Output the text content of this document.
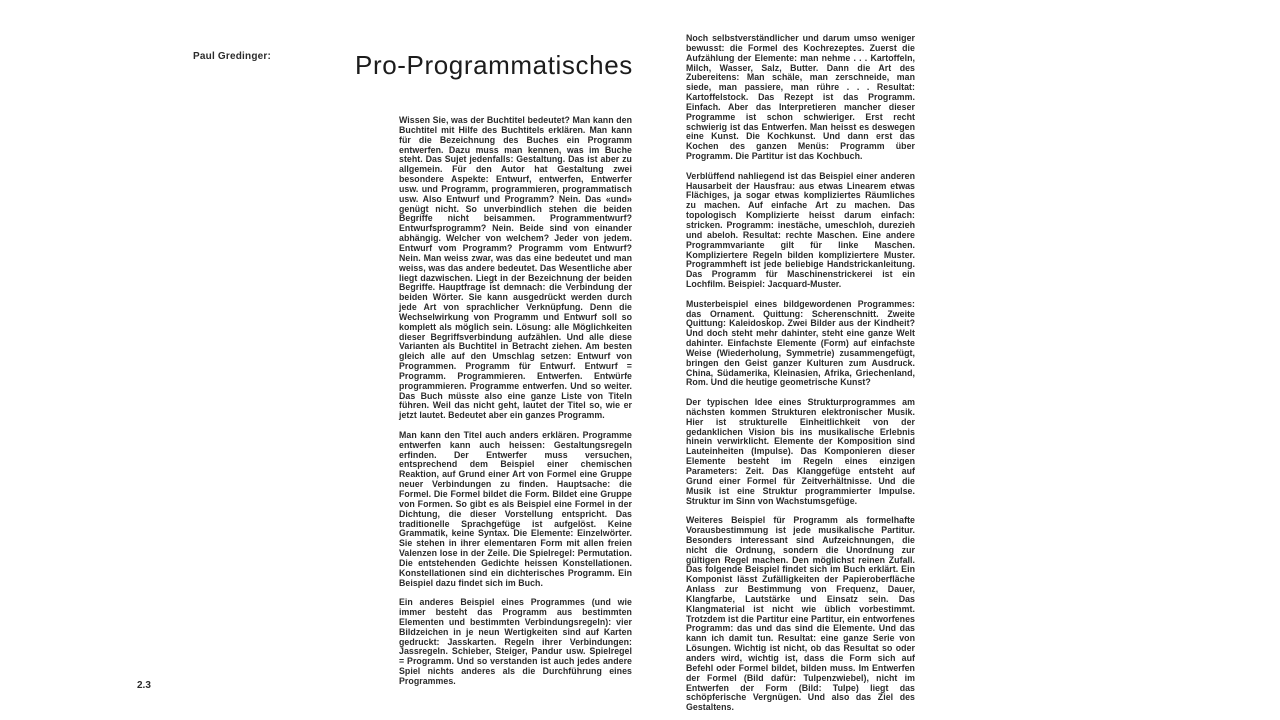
Paul Gredinger:	Pro-Programmatisches

Wissen Sie, was der Buchtitel bedeutet? Man kann den Buchtitel mit Hilfe des Buchtitels erklären. Man kann für die Bezeichnung des Buches ein Programm entwerfen. Dazu muss man kennen, was im Buche steht. Das Sujet jedenfalls: Gestaltung. Das ist aber zu allgemein. Für den Autor hat Gestaltung zwei besondere Aspekte: Entwurf, entwerfen, Entwerfer usw. und Programm, programmieren, programmatisch usw. Also Entwurf und Programm? Nein. Das «und» genügt nicht. So unverbindlich stehen die beiden Begriffe nicht beisammen. Programmentwurf? Entwurfsprogramm? Nein. Beide sind von einander abhängig. Welcher von welchem? Jeder von jedem. Entwurf vom Programm? Programm vom Entwurf? Nein. Man weiss zwar, was das eine bedeutet und man weiss, was das andere bedeutet. Das Wesentliche aber liegt dazwischen. Liegt in der Bezeichnung der beiden Begriffe. Hauptfrage ist demnach: die Verbindung der beiden Wörter. Sie kann ausgedrückt werden durch jede Art von sprachlicher Verknüpfung. Denn die Wechselwirkung von Programm und Entwurf soll so komplett als möglich sein. Lösung: alle Möglichkeiten dieser Begriffsverbindung aufzählen. Und alle diese Varianten als Buchtitel in Betracht ziehen. Am besten gleich alle auf den Umschlag setzen: Entwurf von Programmen. Programm für Entwurf. Entwurf = Programm. Programmieren. Entwerfen. Entwürfe programmieren. Programme entwerfen. Und so weiter. Das Buch müsste also eine ganze Liste von Titeln führen. Weil das nicht geht, lautet der Titel so, wie er jetzt lautet. Bedeutet aber ein ganzes Programm.

Man kann den Titel auch anders erklären. Programme entwerfen kann auch heissen: Gestaltungsregeln erfinden. Der Entwerfer muss versuchen, entsprechend dem Beispiel einer chemischen Reaktion, auf Grund einer Art von Formel eine Gruppe neuer Verbindungen zu finden. Hauptsache: die Formel. Die Formel bildet die Form. Bildet eine Gruppe von Formen. So gibt es als Beispiel eine Formel in der Dichtung, die dieser Vorstellung entspricht. Das traditionelle Sprachgefüge ist aufgelöst. Keine Grammatik, keine Syntax. Die Elemente: Einzelwörter. Sie stehen in ihrer elementaren Form mit allen freien Valenzen lose in der Zeile. Die Spielregel: Permutation. Die entstehenden Gedichte heissen Konstellationen. Konstellationen sind ein dichterisches Programm. Ein Beispiel dazu findet sich im Buch.

Ein anderes Beispiel eines Programmes (und wie immer besteht das Programm aus bestimmten Elementen und bestimmten Verbindungsregeln): vier Bildzeichen in je neun Wertigkeiten sind auf Karten gedruckt: Jasskarten. Regeln ihrer Verbindungen: Jassregeln. Schieber, Steiger, Pandur usw. Spielregel = Programm. Und so verstanden ist auch jedes andere Spiel nichts anderes als die Durchführung eines Programmes.

Noch selbstverständlicher und darum umso weniger bewusst: die Formel des Kochrezeptes. Zuerst die Aufzählung der Elemente: man nehme . . . Kartoffeln, Milch, Wasser, Salz, Butter. Dann die Art des Zubereitens: Man schäle, man zerschneide, man siede, man passiere, man rühre . . . Resultat: Kartoffelstock. Das Rezept ist das Programm. Einfach. Aber das Interpretieren mancher dieser Programme ist schon schwieriger. Erst recht schwierig ist das Entwerfen. Man heisst es deswegen eine Kunst. Die Kochkunst. Und dann erst das Kochen des ganzen Menüs: Programm über Programm. Die Partitur ist das Kochbuch.

Verblüffend nahliegend ist das Beispiel einer anderen Hausarbeit der Hausfrau: aus etwas Linearem etwas Flächiges, ja sogar etwas kompliziertes Räumliches zu machen. Auf einfache Art zu machen. Das topologisch Komplizierte heisst darum einfach: stricken. Programm: inestäche, umeschloh, durezieh und abeloh. Resultat: rechte Maschen. Eine andere Programmvariante gilt für linke Maschen. Kompliziertere Regeln bilden kompliziertere Muster. Programmheft ist jede beliebige Handstrickanleitung. Das Programm für Maschinenstrickerei ist ein Lochfilm. Beispiel: Jacquard-Muster.

Musterbeispiel eines bildgewordenen Programmes: das Ornament. Quittung: Scherenschnitt. Zweite Quittung: Kaleidoskop. Zwei Bilder aus der Kindheit? Und doch steht mehr dahinter, steht eine ganze Welt dahinter. Einfachste Elemente (Form) auf einfachste Weise (Wiederholung, Symmetrie) zusammengefügt, bringen den Geist ganzer Kulturen zum Ausdruck. China, Südamerika, Kleinasien, Afrika, Griechenland, Rom. Und die heutige geometrische Kunst?

Der typischen Idee eines Strukturprogrammes am nächsten kommen Strukturen elektronischer Musik. Hier ist strukturelle Einheitlichkeit von der gedanklichen Vision bis ins musikalische Erlebnis hinein verwirklicht. Elemente der Komposition sind Lauteinheiten (Impulse). Das Komponieren dieser Elemente besteht im Regeln eines einzigen Parameters: Zeit. Das Klanggefüge entsteht auf Grund einer Formel für Zeitverhältnisse. Und die Musik ist eine Struktur programmierter Impulse. Struktur im Sinn von Wachstumsgefüge.

Weiteres Beispiel für Programm als formelhafte Vorausbestimmung ist jede musikalische Partitur. Besonders interessant sind Aufzeichnungen, die nicht die Ordnung, sondern die Unordnung zur gültigen Regel machen. Den möglichst reinen Zufall. Das folgende Beispiel findet sich im Buch erklärt. Ein Komponist lässt Zufälligkeiten der Papieroberfläche Anlass zur Bestimmung von Frequenz, Dauer, Klangfarbe, Lautstärke und Einsatz sein. Das Klangmaterial ist nicht wie üblich vorbestimmt. Trotzdem ist die Partitur eine Partitur, ein entworfenes Programm: das und das sind die Elemente. Und das kann ich damit tun. Resultat: eine ganze Serie von Lösungen. Wichtig ist nicht, ob das Resultat so oder anders wird, wichtig ist, dass die Form sich auf Befehl oder Formel bildet, bilden muss. Im Entwerfen der Formel (Bild dafür: Tulpenzwiebel), nicht im Entwerfen der Form (Bild: Tulpe) liegt das schöpferische Vergnügen. Und also das Ziel des Gestaltens.

2.3
